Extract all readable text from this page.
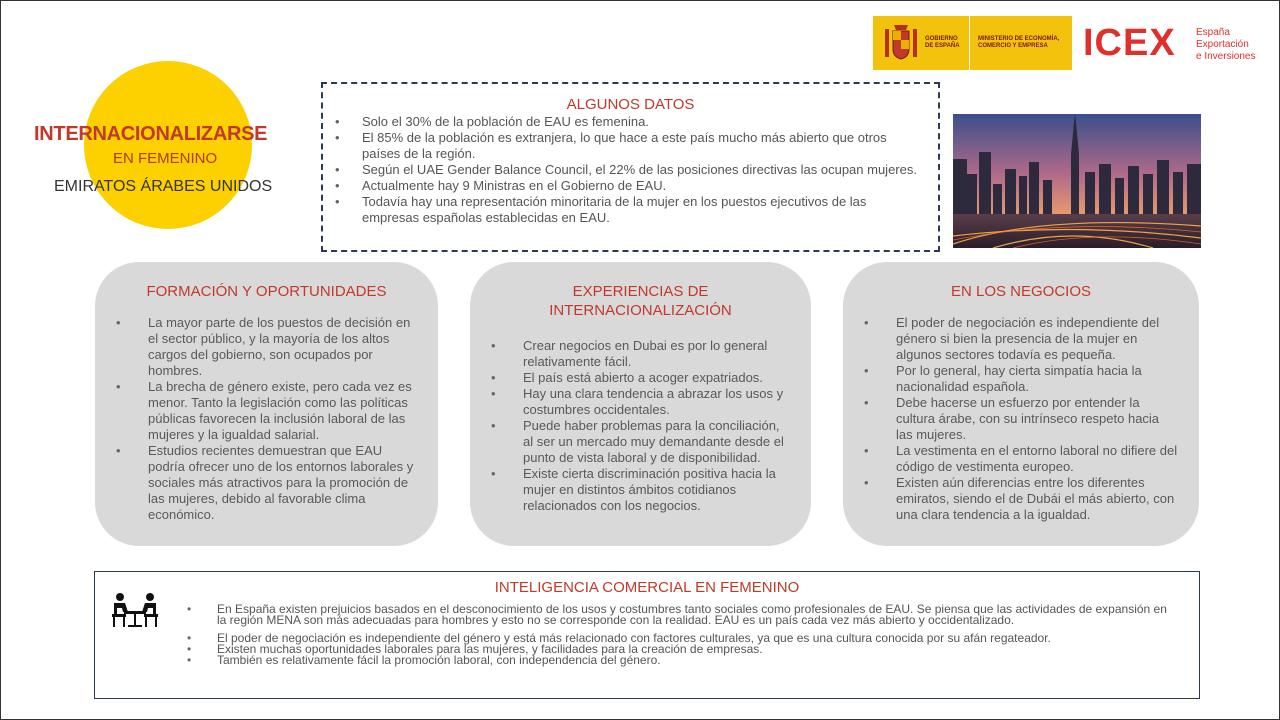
GOBIERNO DE ESPAÑA
MINISTERIO DE ECONOMÍA, COMERCIO Y EMPRESA ICEX España
Exportación
e Inversiones
INTERNACIONALIZARSE
EN FEMENINO
EMIRATOS ÁRABES UNIDOS
ALGUNOS DATOS
• Solo el 30% de la población de EAU es femenina.
• El 85% de la población es extranjera, lo que hace a este país mucho más abierto que otros países de la región.
• Según el UAE Gender Balance Council, el 22% de las posiciones directivas las ocupan mujeres.
• Actualmente hay 9 Ministras en el Gobierno de EAU.
• Todavía hay una representación minoritaria de la mujer en los puestos ejecutivos de las empresas españolas establecidas en EAU.
FORMACIÓN Y OPORTUNIDADES
• La mayor parte de los puestos de decisión en el sector público, y la mayoría de los altos cargos del gobierno, son ocupados por hombres.
• La brecha de género existe, pero cada vez es menor. Tanto la legislación como las políticas públicas favorecen la inclusión laboral de las mujeres y la igualdad salarial.
• Estudios recientes demuestran que EAU podría ofrecer uno de los entornos laborales y sociales más atractivos para la promoción de las mujeres, debido al favorable clima económico.
EXPERIENCIAS DE INTERNACIONALIZACIÓN
• Crear negocios en Dubai es por lo general relativamente fácil.
• El país está abierto a acoger expatriados.
• Hay una clara tendencia a abrazar los usos y costumbres occidentales.
• Puede haber problemas para la conciliación, al ser un mercado muy demandante desde el punto de vista laboral y de disponibilidad.
• Existe cierta discriminación positiva hacia la mujer en distintos ámbitos cotidianos relacionados con los negocios.
EN LOS NEGOCIOS
• El poder de negociación es independiente del género si bien la presencia de la mujer en algunos sectores todavía es pequeña.
• Por lo general, hay cierta simpatía hacia la nacionalidad española.
• Debe hacerse un esfuerzo por entender la cultura árabe, con su intrínseco respeto hacia las mujeres.
• La vestimenta en el entorno laboral no difiere del código de vestimenta europeo.
• Existen aún diferencias entre los diferentes emiratos, siendo el de Dubái el más abierto, con una clara tendencia a la igualdad.
INTELIGENCIA COMERCIAL EN FEMENINO
• En España existen prejuicios basados en el desconocimiento de los usos y costumbres tanto sociales como profesionales de EAU. Se piensa que las actividades de expansión en la región MENA son más adecuadas para hombres y esto no se corresponde con la realidad. EAU es un país cada vez más abierto y occidentalizado.
• El poder de negociación es independiente del género y está más relacionado con factores culturales, ya que es una cultura conocida por su afán regateador.
• Existen muchas oportunidades laborales para las mujeres, y facilidades para la creación de empresas.
• También es relativamente fácil la promoción laboral, con independencia del género.
